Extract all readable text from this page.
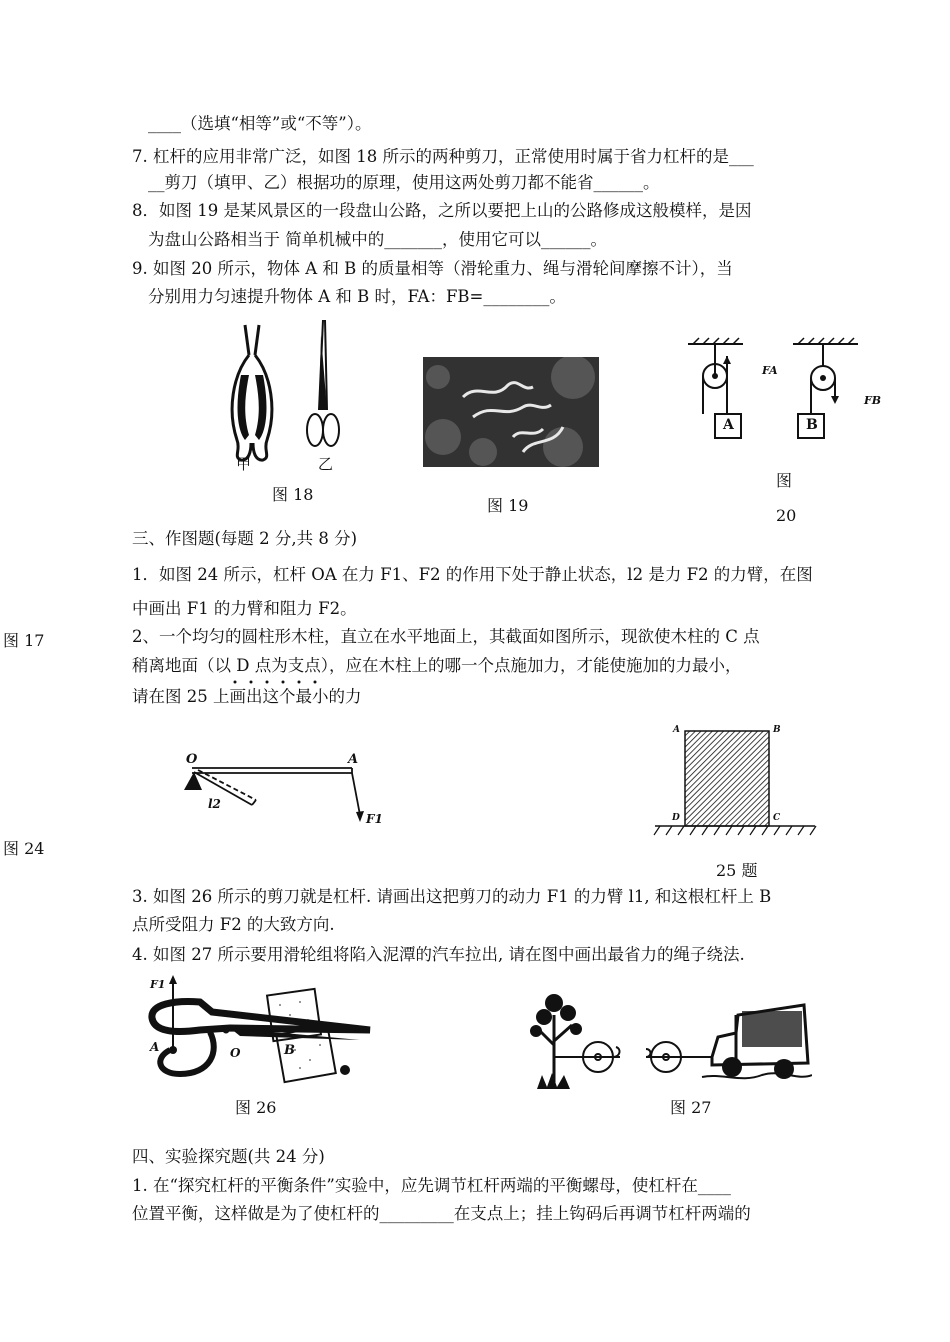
____（选填“相等”或“不等”）。
7. 杠杆的应用非常广泛，如图 18 所示的两种剪刀，正常使用时属于省力杠杆的是___
__剪刀（填甲、乙）根据功的原理，使用这两处剪刀都不能省______。
8．如图 19 是某风景区的一段盘山公路，之所以要把上山的公路修成这般模样，是因
为盘山公路相当于 简单机械中的_______，使用它可以______。
9. 如图 20 所示，物体 A 和 B 的质量相等（滑轮重力、绳与滑轮间摩擦不计），当
分别用力匀速提升物体 A 和 B 时，FA：FB=________。
甲	乙
图 18
图 19
FA
FB
A	B
图
20
三、作图题(每题 2 分,共 8 分)
1．如图 24 所示，杠杆 OA 在力 F1、F2 的作用下处于静止状态，l2 是力 F2 的力臂，在图
中画出 F1 的力臂和阻力 F2。
图 17	2、一个均匀的圆柱形木柱，直立在水平地面上，其截面如图所示，现欲使木柱的 C 点
稍离地面（以 D 点为支点），应在木柱上的哪一个点施加力，才能使施加的力最小，
请在图 25 上画出这个最小的力
O	A
l2
F1
图 24
A	B
D	C
25 题
3. 如图 26 所示的剪刀就是杠杆. 请画出这把剪刀的动力 F1 的力臂 l1, 和这根杠杆上 B
点所受阻力 F2 的大致方向.
4. 如图 27 所示要用滑轮组将陷入泥潭的汽车拉出, 请在图中画出最省力的绳子绕法.
F1
A	O	B
图 26	图 27
四、实验探究题(共 24 分)
1. 在“探究杠杆的平衡条件”实验中，应先调节杠杆两端的平衡螺母，使杠杆在____
位置平衡，这样做是为了使杠杆的_________在支点上；挂上钩码后再调节杠杆两端的
